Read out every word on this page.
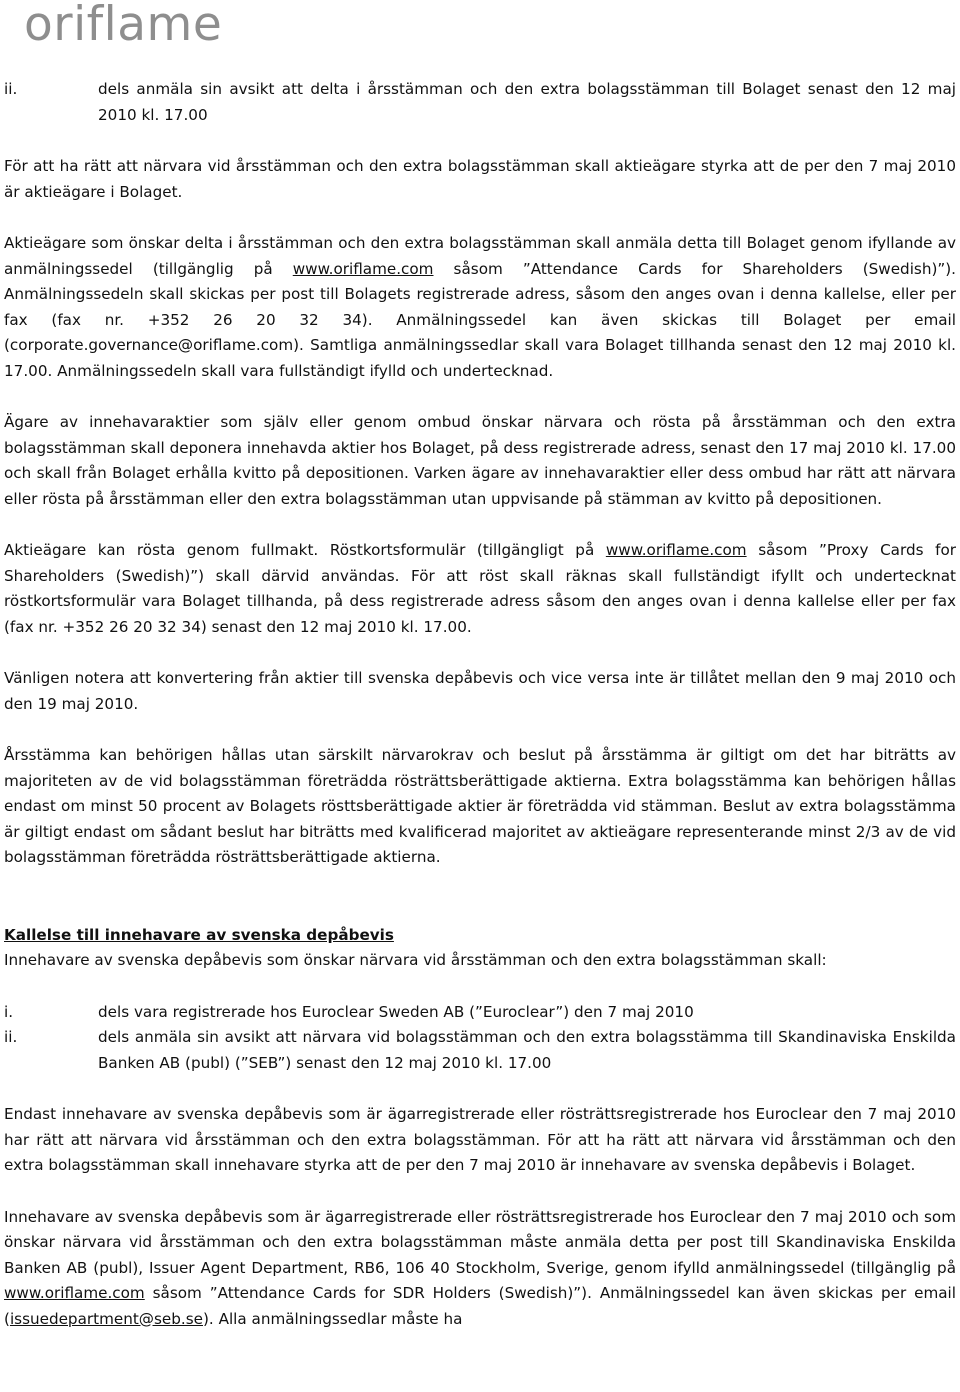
oriflame
ii.	dels anmäla sin avsikt att delta i årsstämman och den extra bolagsstämman till Bolaget senast den 12 maj 2010 kl. 17.00

För att ha rätt att närvara vid årsstämman och den extra bolagsstämman skall aktieägare styrka att de per den 7 maj 2010 är aktieägare i Bolaget.

Aktieägare som önskar delta i årsstämman och den extra bolagsstämman skall anmäla detta till Bolaget genom ifyllande av anmälningssedel (tillgänglig på www.oriflame.com såsom ”Attendance Cards for Shareholders (Swedish)”). Anmälningssedeln skall skickas per post till Bolagets registrerade adress, såsom den anges ovan i denna kallelse, eller per fax (fax nr. +352 26 20 32 34). Anmälningssedel kan även skickas till Bolaget per email (corporate.governance@oriflame.com). Samtliga anmälningssedlar skall vara Bolaget tillhanda senast den 12 maj 2010 kl. 17.00. Anmälningssedeln skall vara fullständigt ifylld och undertecknad.

Ägare av innehavaraktier som själv eller genom ombud önskar närvara och rösta på årsstämman och den extra bolagsstämman skall deponera innehavda aktier hos Bolaget, på dess registrerade adress, senast den 17 maj 2010 kl. 17.00 och skall från Bolaget erhålla kvitto på depositionen. Varken ägare av innehavaraktier eller dess ombud har rätt att närvara eller rösta på årsstämman eller den extra bolagsstämman utan uppvisande på stämman av kvitto på depositionen.

Aktieägare kan rösta genom fullmakt. Röstkortsformulär (tillgängligt på www.oriflame.com såsom ”Proxy Cards for Shareholders (Swedish)”) skall därvid användas. För att röst skall räknas skall fullständigt ifyllt och undertecknat röstkortsformulär vara Bolaget tillhanda, på dess registrerade adress såsom den anges ovan i denna kallelse eller per fax (fax nr. +352 26 20 32 34) senast den 12 maj 2010 kl. 17.00.

Vänligen notera att konvertering från aktier till svenska depåbevis och vice versa inte är tillåtet mellan den 9 maj 2010 och den 19 maj 2010.

Årsstämma kan behörigen hållas utan särskilt närvarokrav och beslut på årsstämma är giltigt om det har biträtts av majoriteten av de vid bolagsstämman företrädda rösträttsberättigade aktierna. Extra bolagsstämma kan behörigen hållas endast om minst 50 procent av Bolagets rösttsberättigade aktier är företrädda vid stämman. Beslut av extra bolagsstämma är giltigt endast om sådant beslut har biträtts med kvalificerad majoritet av aktieägare representerande minst 2/3 av de vid bolagsstämman företrädda rösträttsberättigade aktierna.

Kallelse till innehavare av svenska depåbevis
Innehavare av svenska depåbevis som önskar närvara vid årsstämman och den extra bolagsstämman skall:
i.	dels vara registrerade hos Euroclear Sweden AB (”Euroclear”) den 7 maj 2010
ii.	dels anmäla sin avsikt att närvara vid bolagsstämman och den extra bolagsstämma till Skandinaviska Enskilda Banken AB (publ) (”SEB”) senast den 12 maj 2010 kl. 17.00

Endast innehavare av svenska depåbevis som är ägarregistrerade eller rösträttsregistrerade hos Euroclear den 7 maj 2010 har rätt att närvara vid årsstämman och den extra bolagsstämman. För att ha rätt att närvara vid årsstämman och den extra bolagsstämman skall innehavare styrka att de per den 7 maj 2010 är innehavare av svenska depåbevis i Bolaget.

Innehavare av svenska depåbevis som är ägarregistrerade eller rösträttsregistrerade hos Euroclear den 7 maj 2010 och som önskar närvara vid årsstämman och den extra bolagsstämman måste anmäla detta per post till Skandinaviska Enskilda Banken AB (publ), Issuer Agent Department, RB6, 106 40 Stockholm, Sverige, genom ifylld anmälningssedel (tillgänglig på www.oriflame.com såsom ”Attendance Cards for SDR Holders (Swedish)”). Anmälningssedel kan även skickas per email (issuedepartment@seb.se). Alla anmälningssedlar måste ha
